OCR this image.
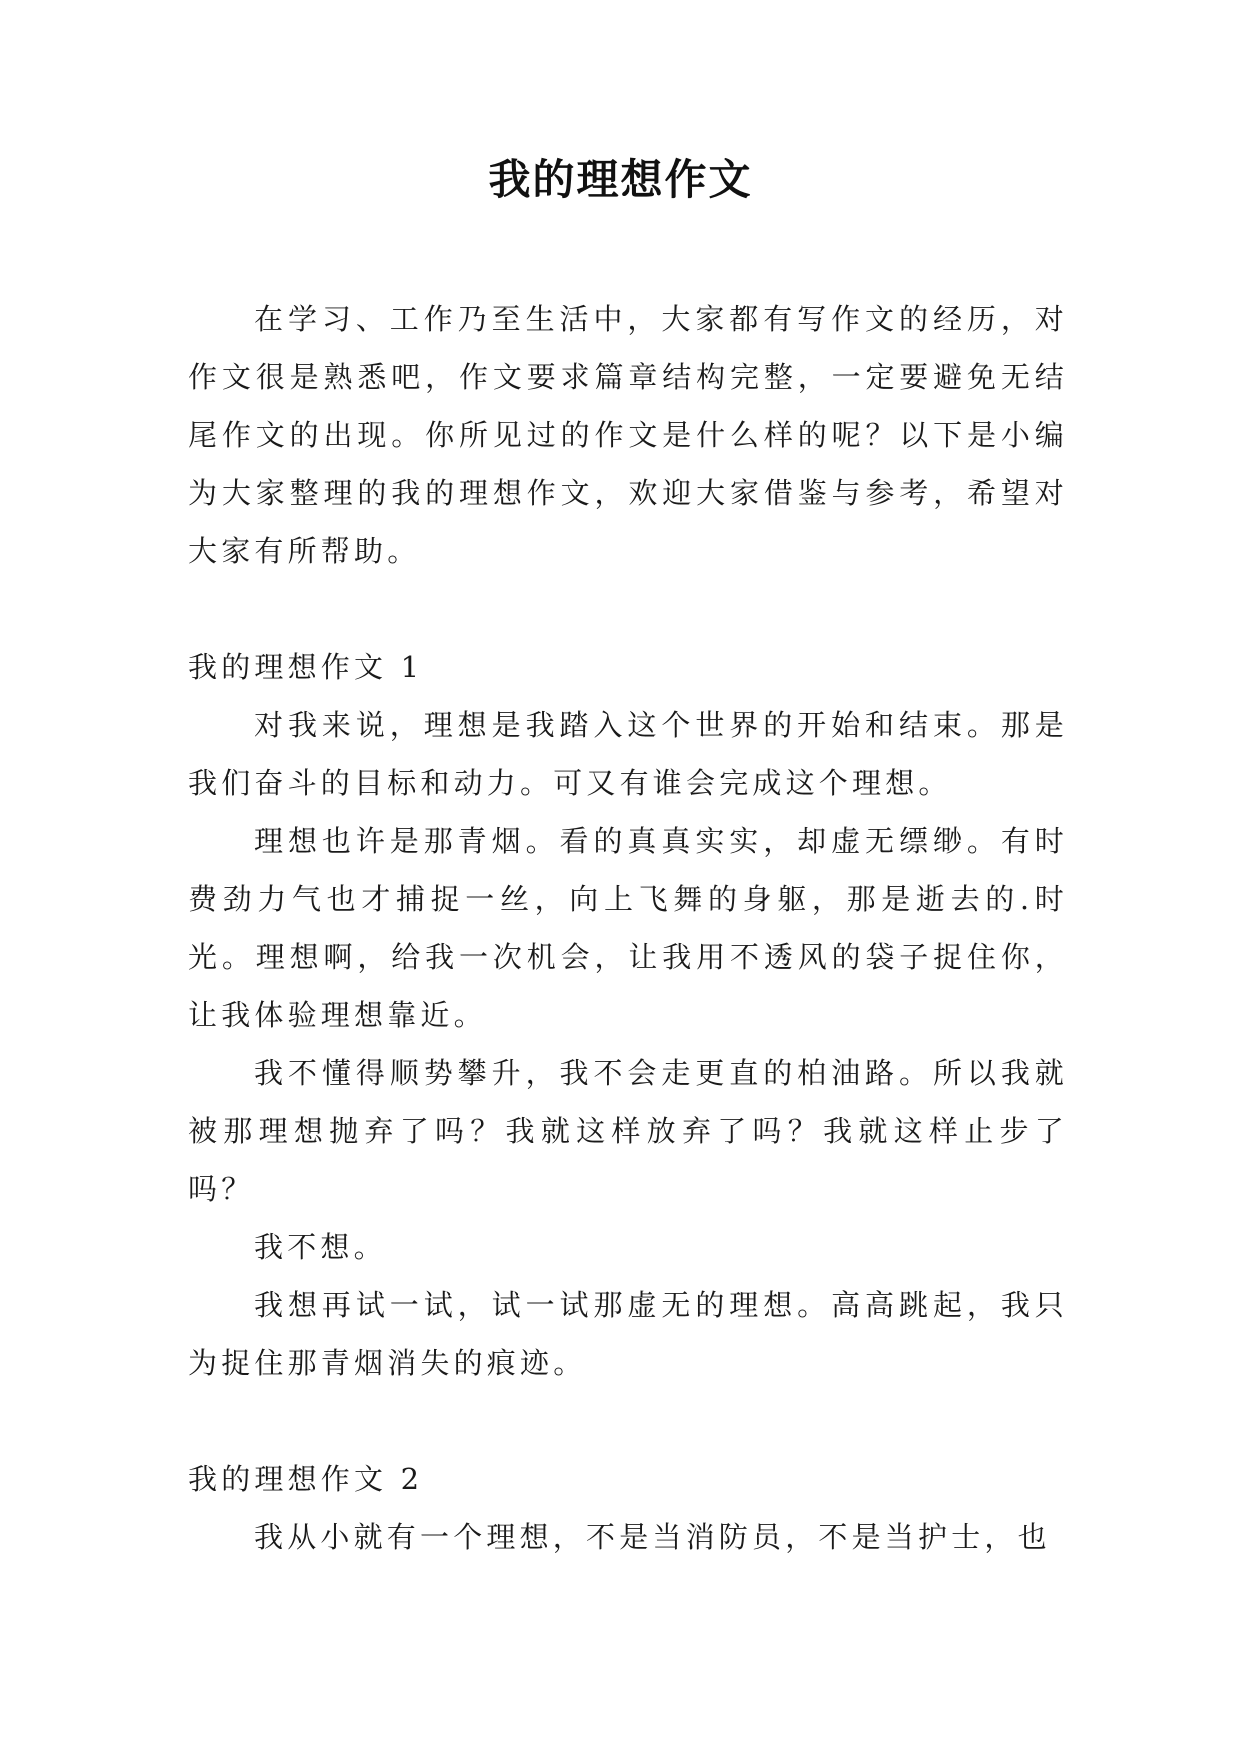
我的理想作文

在学习、工作乃至生活中，大家都有写作文的经历，对作文很是熟悉吧，作文要求篇章结构完整，一定要避免无结尾作文的出现。你所见过的作文是什么样的呢？以下是小编为大家整理的我的理想作文，欢迎大家借鉴与参考，希望对大家有所帮助。

我的理想作文 1

对我来说，理想是我踏入这个世界的开始和结束。那是我们奋斗的目标和动力。可又有谁会完成这个理想。

理想也许是那青烟。看的真真实实，却虚无缥缈。有时费劲力气也才捕捉一丝，向上飞舞的身躯，那是逝去的.时光。理想啊，给我一次机会，让我用不透风的袋子捉住你，让我体验理想靠近。

我不懂得顺势攀升，我不会走更直的柏油路。所以我就被那理想抛弃了吗？我就这样放弃了吗？我就这样止步了吗？

我不想。

我想再试一试，试一试那虚无的理想。高高跳起，我只为捉住那青烟消失的痕迹。

我的理想作文 2

我从小就有一个理想，不是当消防员，不是当护士，也
